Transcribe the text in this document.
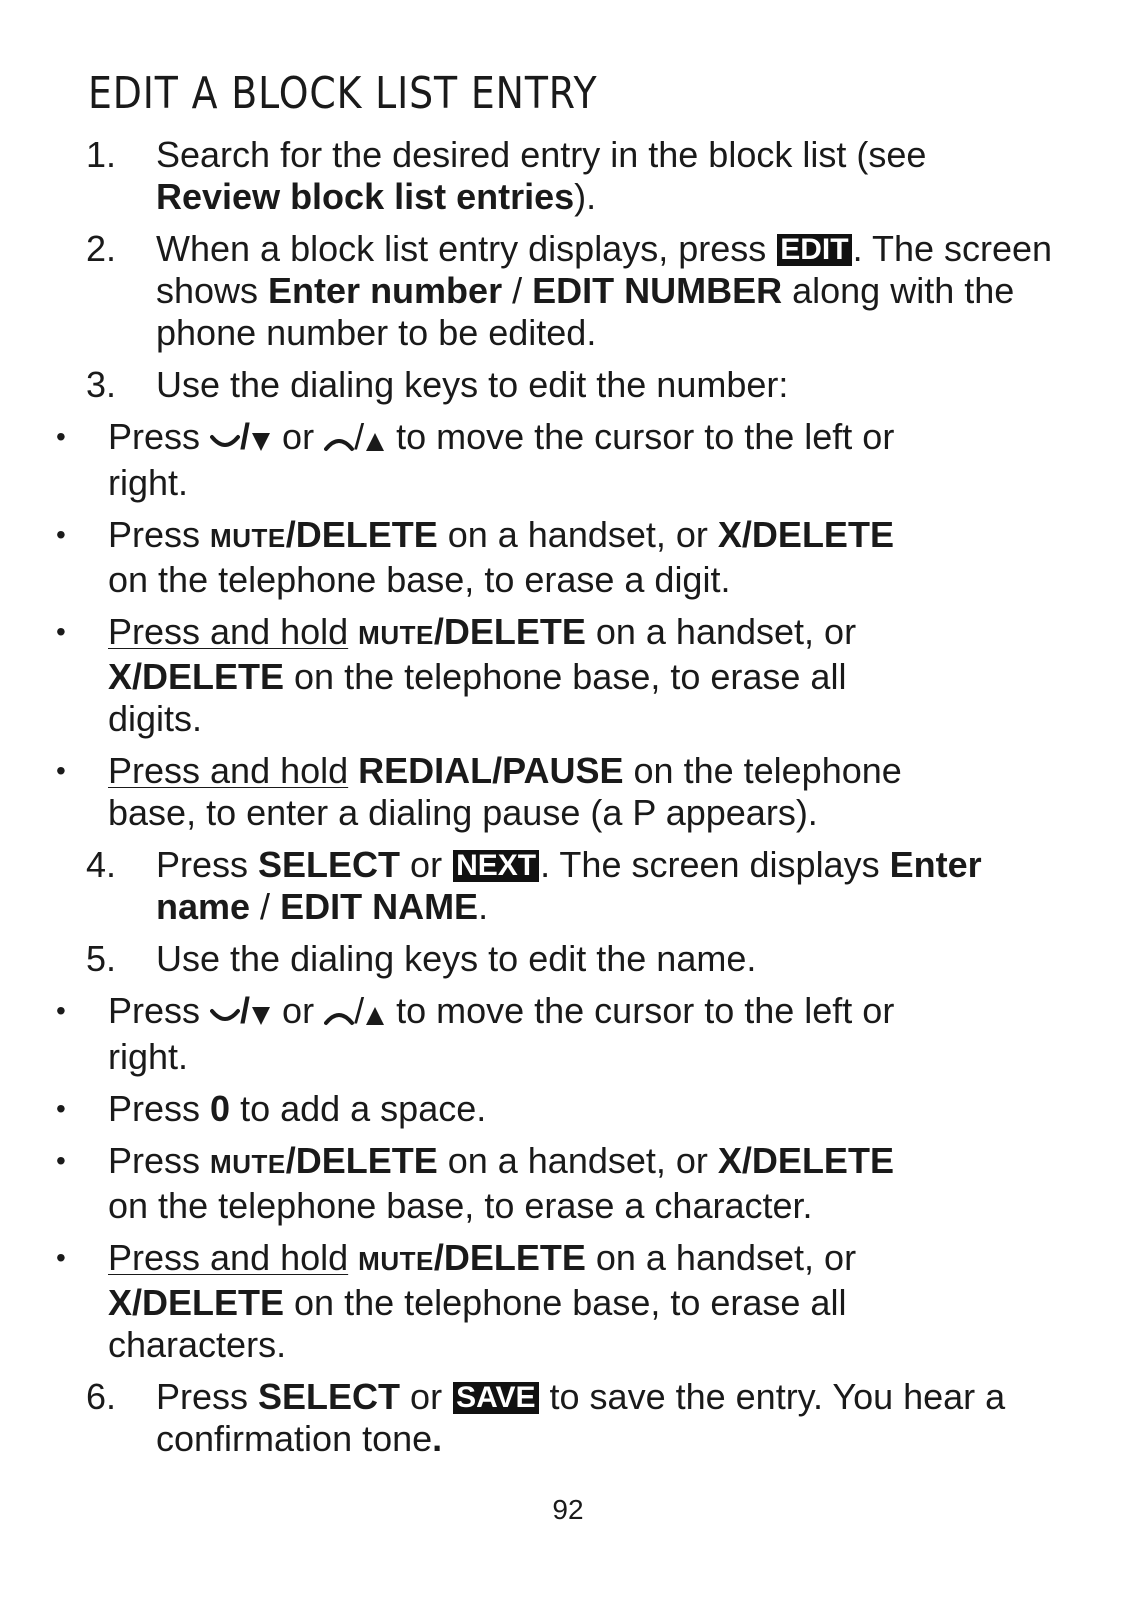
EDIT A BLOCK LIST ENTRY
1. Search for the desired entry in the block list (see Review block list entries).
2. When a block list entry displays, press EDIT . The screen shows Enter number / EDIT NUMBER along with the phone number to be edited.
3. Use the dialing keys to edit the number:
• Press / or / to move the cursor to the left or right.
• Press MUTE/DELETE on a handset, or X/DELETE on the telephone base, to erase a digit.
• Press and hold MUTE/DELETE on a handset, or X/DELETE on the telephone base, to erase all digits.
• Press and hold REDIAL/PAUSE on the telephone base, to enter a dialing pause (a P appears).
4. Press SELECT or NEXT . The screen displays Enter name / EDIT NAME.
5. Use the dialing keys to edit the name.
• Press / or / to move the cursor to the left or right.
• Press 0 to add a space.
• Press MUTE/DELETE on a handset, or X/DELETE on the telephone base, to erase a character.
• Press and hold MUTE/DELETE on a handset, or X/DELETE on the telephone base, to erase all characters.
6. Press SELECT or SAVE to save the entry. You hear a confirmation tone.
92
